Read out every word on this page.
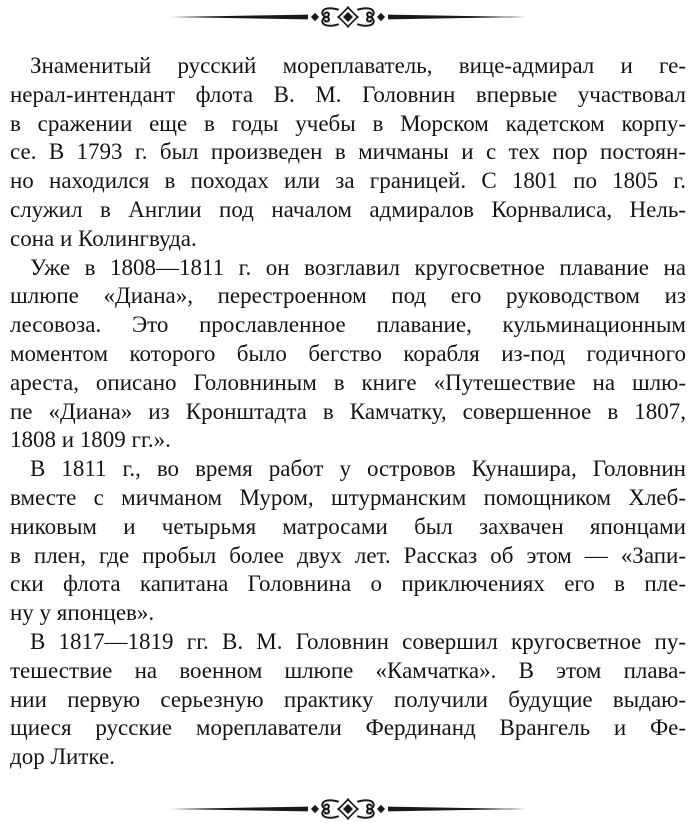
Знаменитый русский мореплаватель, вице-адмирал и ге-
нерал-интендант флота В. М. Головнин впервые участвовал
в сражении еще в годы учебы в Морском кадетском корпу-
се. В 1793 г. был произведен в мичманы и с тех пор постоян-
но находился в походах или за границей. С 1801 по 1805 г.
служил в Англии под началом адмиралов Корнвалиса, Нель-
сона и Колингвуда.
Уже в 1808—1811 г. он возглавил кругосветное плавание на
шлюпе «Диана», перестроенном под его руководством из
лесовоза. Это прославленное плавание, кульминационным
моментом которого было бегство корабля из-под годичного
ареста, описано Головниным в книге «Путешествие на шлю-
пе «Диана» из Кронштадта в Камчатку, совершенное в 1807,
1808 и 1809 гг.».
В 1811 г., во время работ у островов Кунашира, Головнин
вместе с мичманом Муром, штурманским помощником Хлеб-
никовым и четырьмя матросами был захвачен японцами
в плен, где пробыл более двух лет. Рассказ об этом — «Запи-
ски флота капитана Головнина о приключениях его в пле-
ну у японцев».
В 1817—1819 гг. В. М. Головнин совершил кругосветное пу-
тешествие на военном шлюпе «Камчатка». В этом плава-
нии первую серьезную практику получили будущие выдаю-
щиеся русские мореплаватели Фердинанд Врангель и Фе-
дор Литке.
